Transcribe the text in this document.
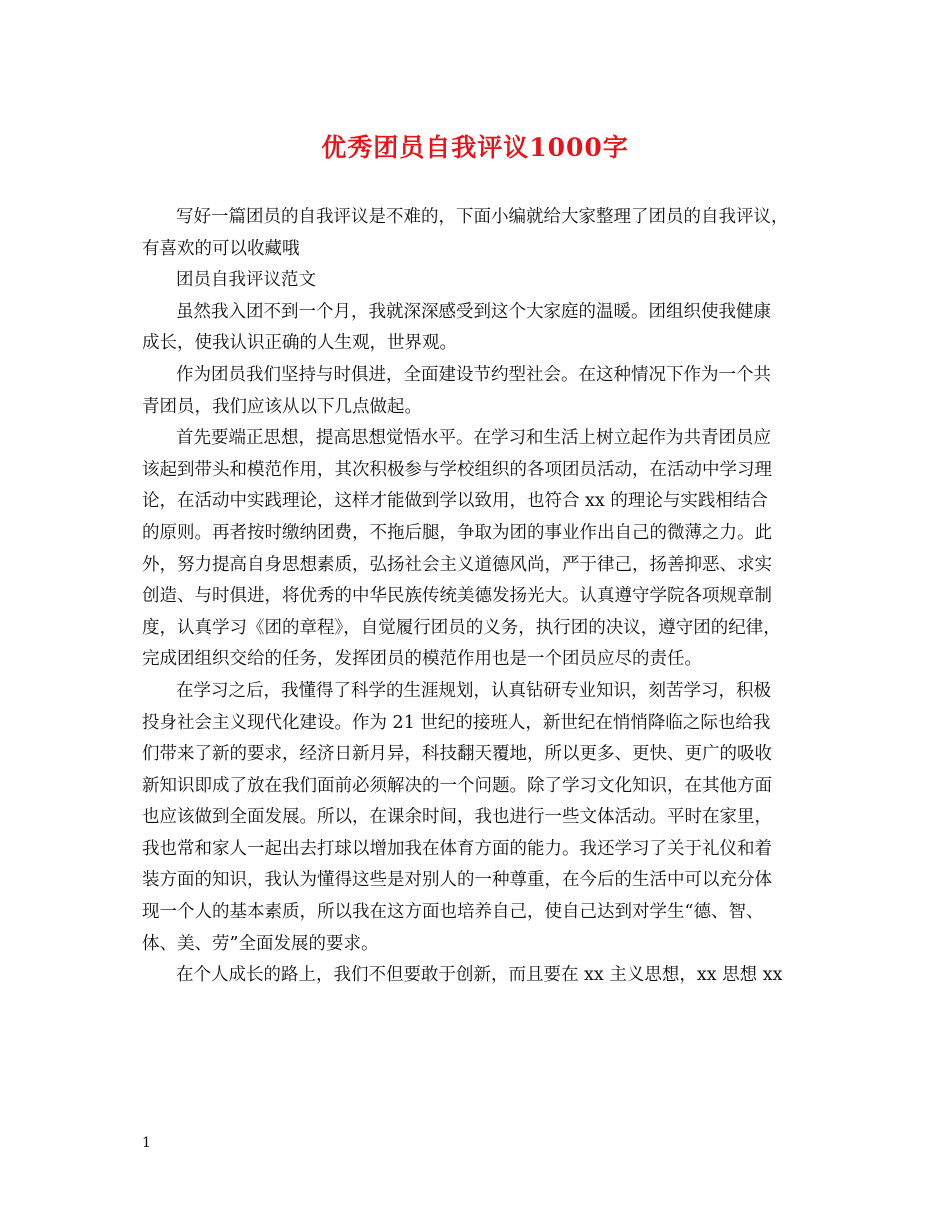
优秀团员自我评议1000字
写好一篇团员的自我评议是不难的，下面小编就给大家整理了团员的自我评议，
有喜欢的可以收藏哦
团员自我评议范文
虽然我入团不到一个月，我就深深感受到这个大家庭的温暖。团组织使我健康
成长，使我认识正确的人生观，世界观。
作为团员我们坚持与时俱进，全面建设节约型社会。在这种情况下作为一个共
青团员，我们应该从以下几点做起。
首先要端正思想，提高思想觉悟水平。在学习和生活上树立起作为共青团员应
该起到带头和模范作用，其次积极参与学校组织的各项团员活动，在活动中学习理
论，在活动中实践理论，这样才能做到学以致用，也符合 xx 的理论与实践相结合
的原则。再者按时缴纳团费，不拖后腿，争取为团的事业作出自己的微薄之力。此
外，努力提高自身思想素质，弘扬社会主义道德风尚，严于律己，扬善抑恶、求实
创造、与时俱进，将优秀的中华民族传统美德发扬光大。认真遵守学院各项规章制
度，认真学习《团的章程》，自觉履行团员的义务，执行团的决议，遵守团的纪律，
完成团组织交给的任务，发挥团员的模范作用也是一个团员应尽的责任。
在学习之后，我懂得了科学的生涯规划，认真钻研专业知识，刻苦学习，积极
投身社会主义现代化建设。作为 21 世纪的接班人，新世纪在悄悄降临之际也给我
们带来了新的要求，经济日新月异，科技翻天覆地，所以更多、更快、更广的吸收
新知识即成了放在我们面前必须解决的一个问题。除了学习文化知识，在其他方面
也应该做到全面发展。所以，在课余时间，我也进行一些文体活动。平时在家里，
我也常和家人一起出去打球以增加我在体育方面的能力。我还学习了关于礼仪和着
装方面的知识，我认为懂得这些是对别人的一种尊重，在今后的生活中可以充分体
现一个人的基本素质，所以我在这方面也培养自己，使自己达到对学生“德、智、
体、美、劳”全面发展的要求。
在个人成长的路上，我们不但要敢于创新，而且要在 xx 主义思想，xx 思想 xx
1
